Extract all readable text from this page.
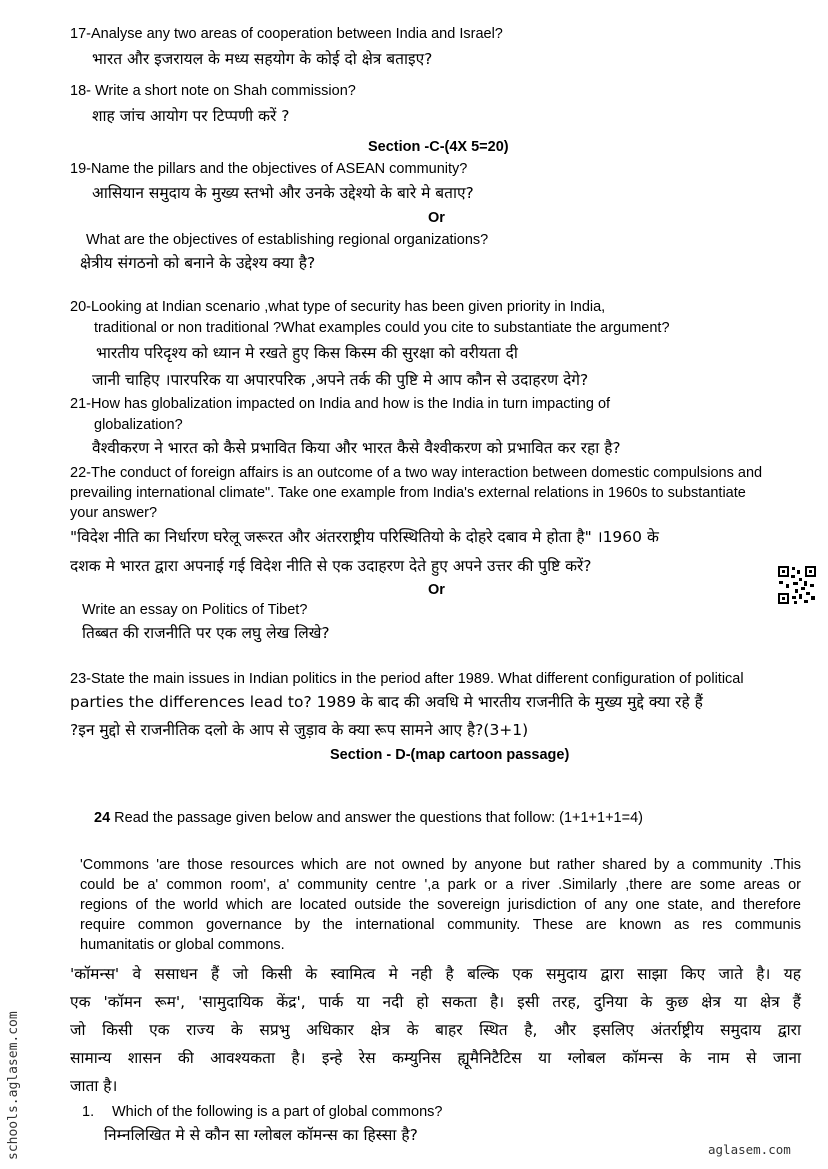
17-Analyse any two areas of cooperation between India and Israel?
भारत और इजरायल के मध्य सहयोग के कोई दो क्षेत्र बताइए?
18- Write a short note on Shah commission?
शाह जांच आयोग पर टिप्पणी करें ?
Section -C-(4X 5=20)
19-Name the pillars and the objectives of ASEAN community?
आसियान समुदाय के मुख्य स्तभो और उनके उद्देश्यो के बारे मे बताए?
Or
What are the objectives of establishing regional organizations?
क्षेत्रीय संगठनो को बनाने के उद्देश्य क्या है?
20-Looking at Indian scenario ,what type of security has been given priority in India,
traditional or non traditional ?What examples could you cite to substantiate the argument?
भारतीय परिदृश्य को ध्यान मे रखते हुए किस किस्म की सुरक्षा को वरीयता दी
जानी चाहिए ।पारपरिक या अपारपरिक ,अपने तर्क की पुष्टि मे आप कौन से उदाहरण देगे?
21-How has globalization impacted on India and how is the India in turn impacting of
globalization?
वैश्वीकरण ने भारत को कैसे प्रभावित किया और भारत कैसे वैश्वीकरण को प्रभावित कर रहा है?
22-The conduct of foreign affairs is an outcome of a two way interaction between domestic compulsions and
prevailing international climate". Take one example from India's external relations in 1960s to substantiate
your answer?
"विदेश नीति का निर्धारण घरेलू जरूरत और अंतरराष्ट्रीय परिस्थितियो के दोहरे दबाव मे होता है" ।1960 के
दशक मे भारत द्वारा अपनाई गई विदेश नीति से एक उदाहरण देते हुए अपने उत्तर की पुष्टि करें?
Or
Write an essay on Politics of Tibet?
तिब्बत की राजनीति पर एक लघु लेख लिखे?
23-State the main issues in Indian politics in the period after 1989. What different configuration of political
parties the differences lead to? 1989 के बाद की अवधि मे भारतीय राजनीति के मुख्य मुद्दे क्या रहे हैं
?इन मुद्दो से राजनीतिक दलो के आप से जुड़ाव के क्या रूप सामने आए है?(3+1)
Section - D-(map cartoon passage)
24 Read the passage given below and answer the questions that follow: (1+1+1+1=4)
'Commons 'are those resources which are not owned by anyone but rather shared by a community .This
could be a' common room', a' community centre ',a park or a river .Similarly ,there are some areas or
regions of the world which are located outside the sovereign jurisdiction of any one state, and therefore
require common governance by the international community. These are known as res communis
humanitatis or global commons.
'कॉमन्स' वे ससाधन हैं जो किसी के स्वामित्व मे नही है बल्कि एक समुदाय द्वारा साझा किए जाते है। यह
एक 'कॉमन रूम', 'सामुदायिक केंद्र', पार्क या नदी हो सकता है। इसी तरह, दुनिया के कुछ क्षेत्र या क्षेत्र हैं
जो किसी एक राज्य के सप्रभु अधिकार क्षेत्र के बाहर स्थित है, और इसलिए अंतर्राष्ट्रीय समुदाय द्वारा
सामान्य शासन की आवश्यकता है। इन्हे रेस कम्युनिस ह्यूमैनिटैटिस या ग्लोबल कॉमन्स के नाम से जाना
जाता है।
1. Which of the following is a part of global commons?
निम्नलिखित मे से कौन सा ग्लोबल कॉमन्स का हिस्सा है?
schools.aglasem.com	aglasem.com
